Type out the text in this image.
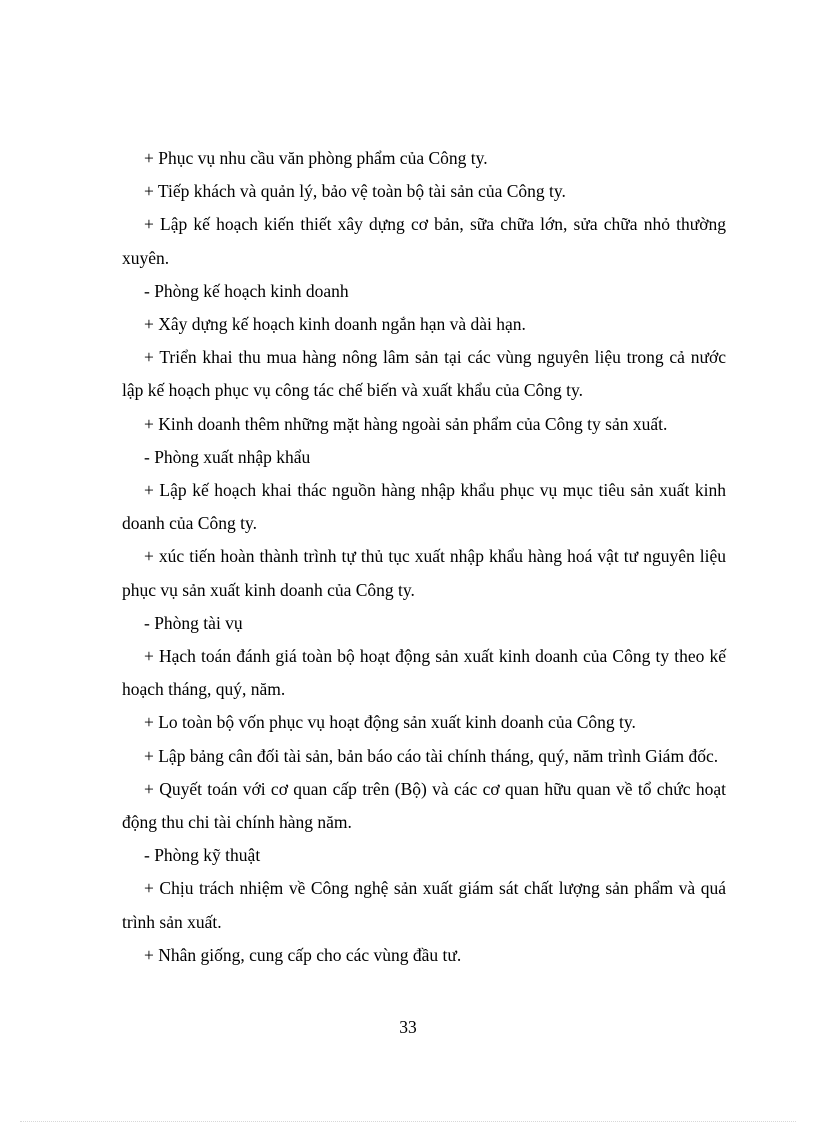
+ Phục vụ nhu cầu văn phòng phẩm của Công ty.

+ Tiếp khách và quản lý, bảo vệ toàn bộ tài sản của Công ty.

+ Lập kế hoạch kiến thiết xây dựng cơ bản, sữa chữa lớn, sửa chữa nhỏ thường xuyên.

- Phòng kế hoạch kinh doanh

+ Xây dựng kế hoạch kinh doanh ngắn hạn và dài hạn.

+ Triển khai thu mua hàng nông lâm sản tại các vùng nguyên liệu trong cả nước lập kế hoạch phục vụ công tác chế biến và xuất khẩu của Công ty.

+ Kinh doanh thêm những mặt hàng ngoài sản phẩm của Công ty sản xuất.

- Phòng xuất nhập khẩu

+ Lập kế hoạch khai thác nguồn hàng nhập khẩu phục vụ mục tiêu sản xuất kinh doanh của Công ty.

+ xúc tiến hoàn thành trình tự thủ tục xuất nhập khẩu hàng hoá vật tư nguyên liệu phục vụ sản xuất kinh doanh của Công ty.

- Phòng tài vụ

+ Hạch toán đánh giá toàn bộ hoạt động sản xuất kinh doanh của Công ty theo kế hoạch tháng, quý, năm.

+ Lo toàn bộ vốn phục vụ hoạt động sản xuất kinh doanh của Công ty.

+ Lập bảng cân đối tài sản, bản báo cáo tài chính tháng, quý, năm trình Giám đốc.

+ Quyết toán với cơ quan cấp trên (Bộ) và các cơ quan hữu quan về tổ chức hoạt động thu chi tài chính hàng năm.

- Phòng kỹ thuật

+ Chịu trách nhiệm về Công nghệ sản xuất giám sát chất lượng sản phẩm và quá trình sản xuất.

+ Nhân giống, cung cấp cho các vùng đầu tư.

33
